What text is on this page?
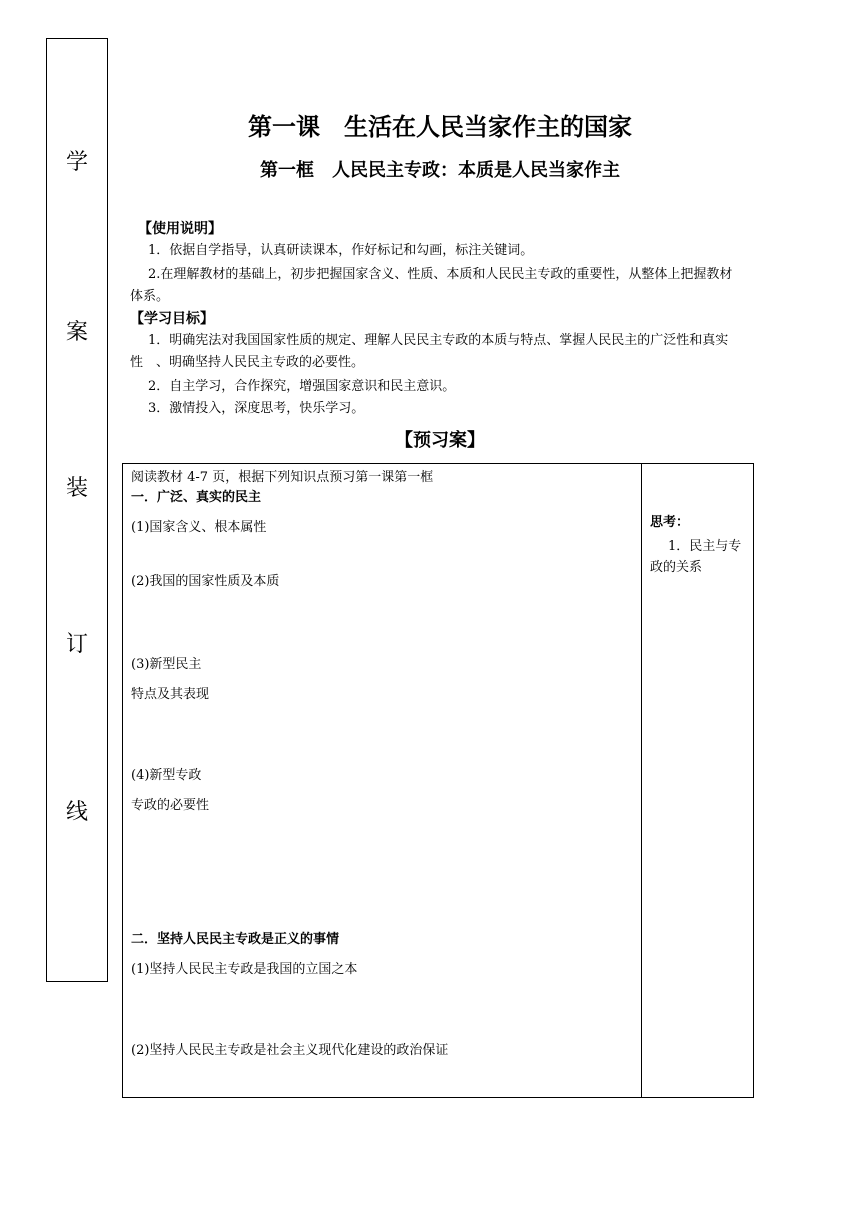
学
案
装
订
线
第一课　生活在人民当家作主的国家
第一框　人民民主专政：本质是人民当家作主
【使用说明】
1．依据自学指导，认真研读课本，作好标记和勾画，标注关键词。
2.在理解教材的基础上，初步把握国家含义、性质、本质和人民民主专政的重要性，从整体上把握教材体系。
【学习目标】
1．明确宪法对我国国家性质的规定、理解人民民主专政的本质与特点、掌握人民民主的广泛性和真实性　、明确坚持人民民主专政的必要性。
2．自主学习，合作探究，增强国家意识和民主意识。
3．激情投入，深度思考，快乐学习。
【预习案】
阅读教材 4-7 页，根据下列知识点预习第一课第一框
一．广泛、真实的民主
(1)国家含义、根本属性
(2)我国的国家性质及本质
(3)新型民主
特点及其表现
(4)新型专政
专政的必要性
二．坚持人民民主专政是正义的事情
(1)坚持人民民主专政是我国的立国之本
(2)坚持人民民主专政是社会主义现代化建设的政治保证
思考：
1．民主与专政的关系
